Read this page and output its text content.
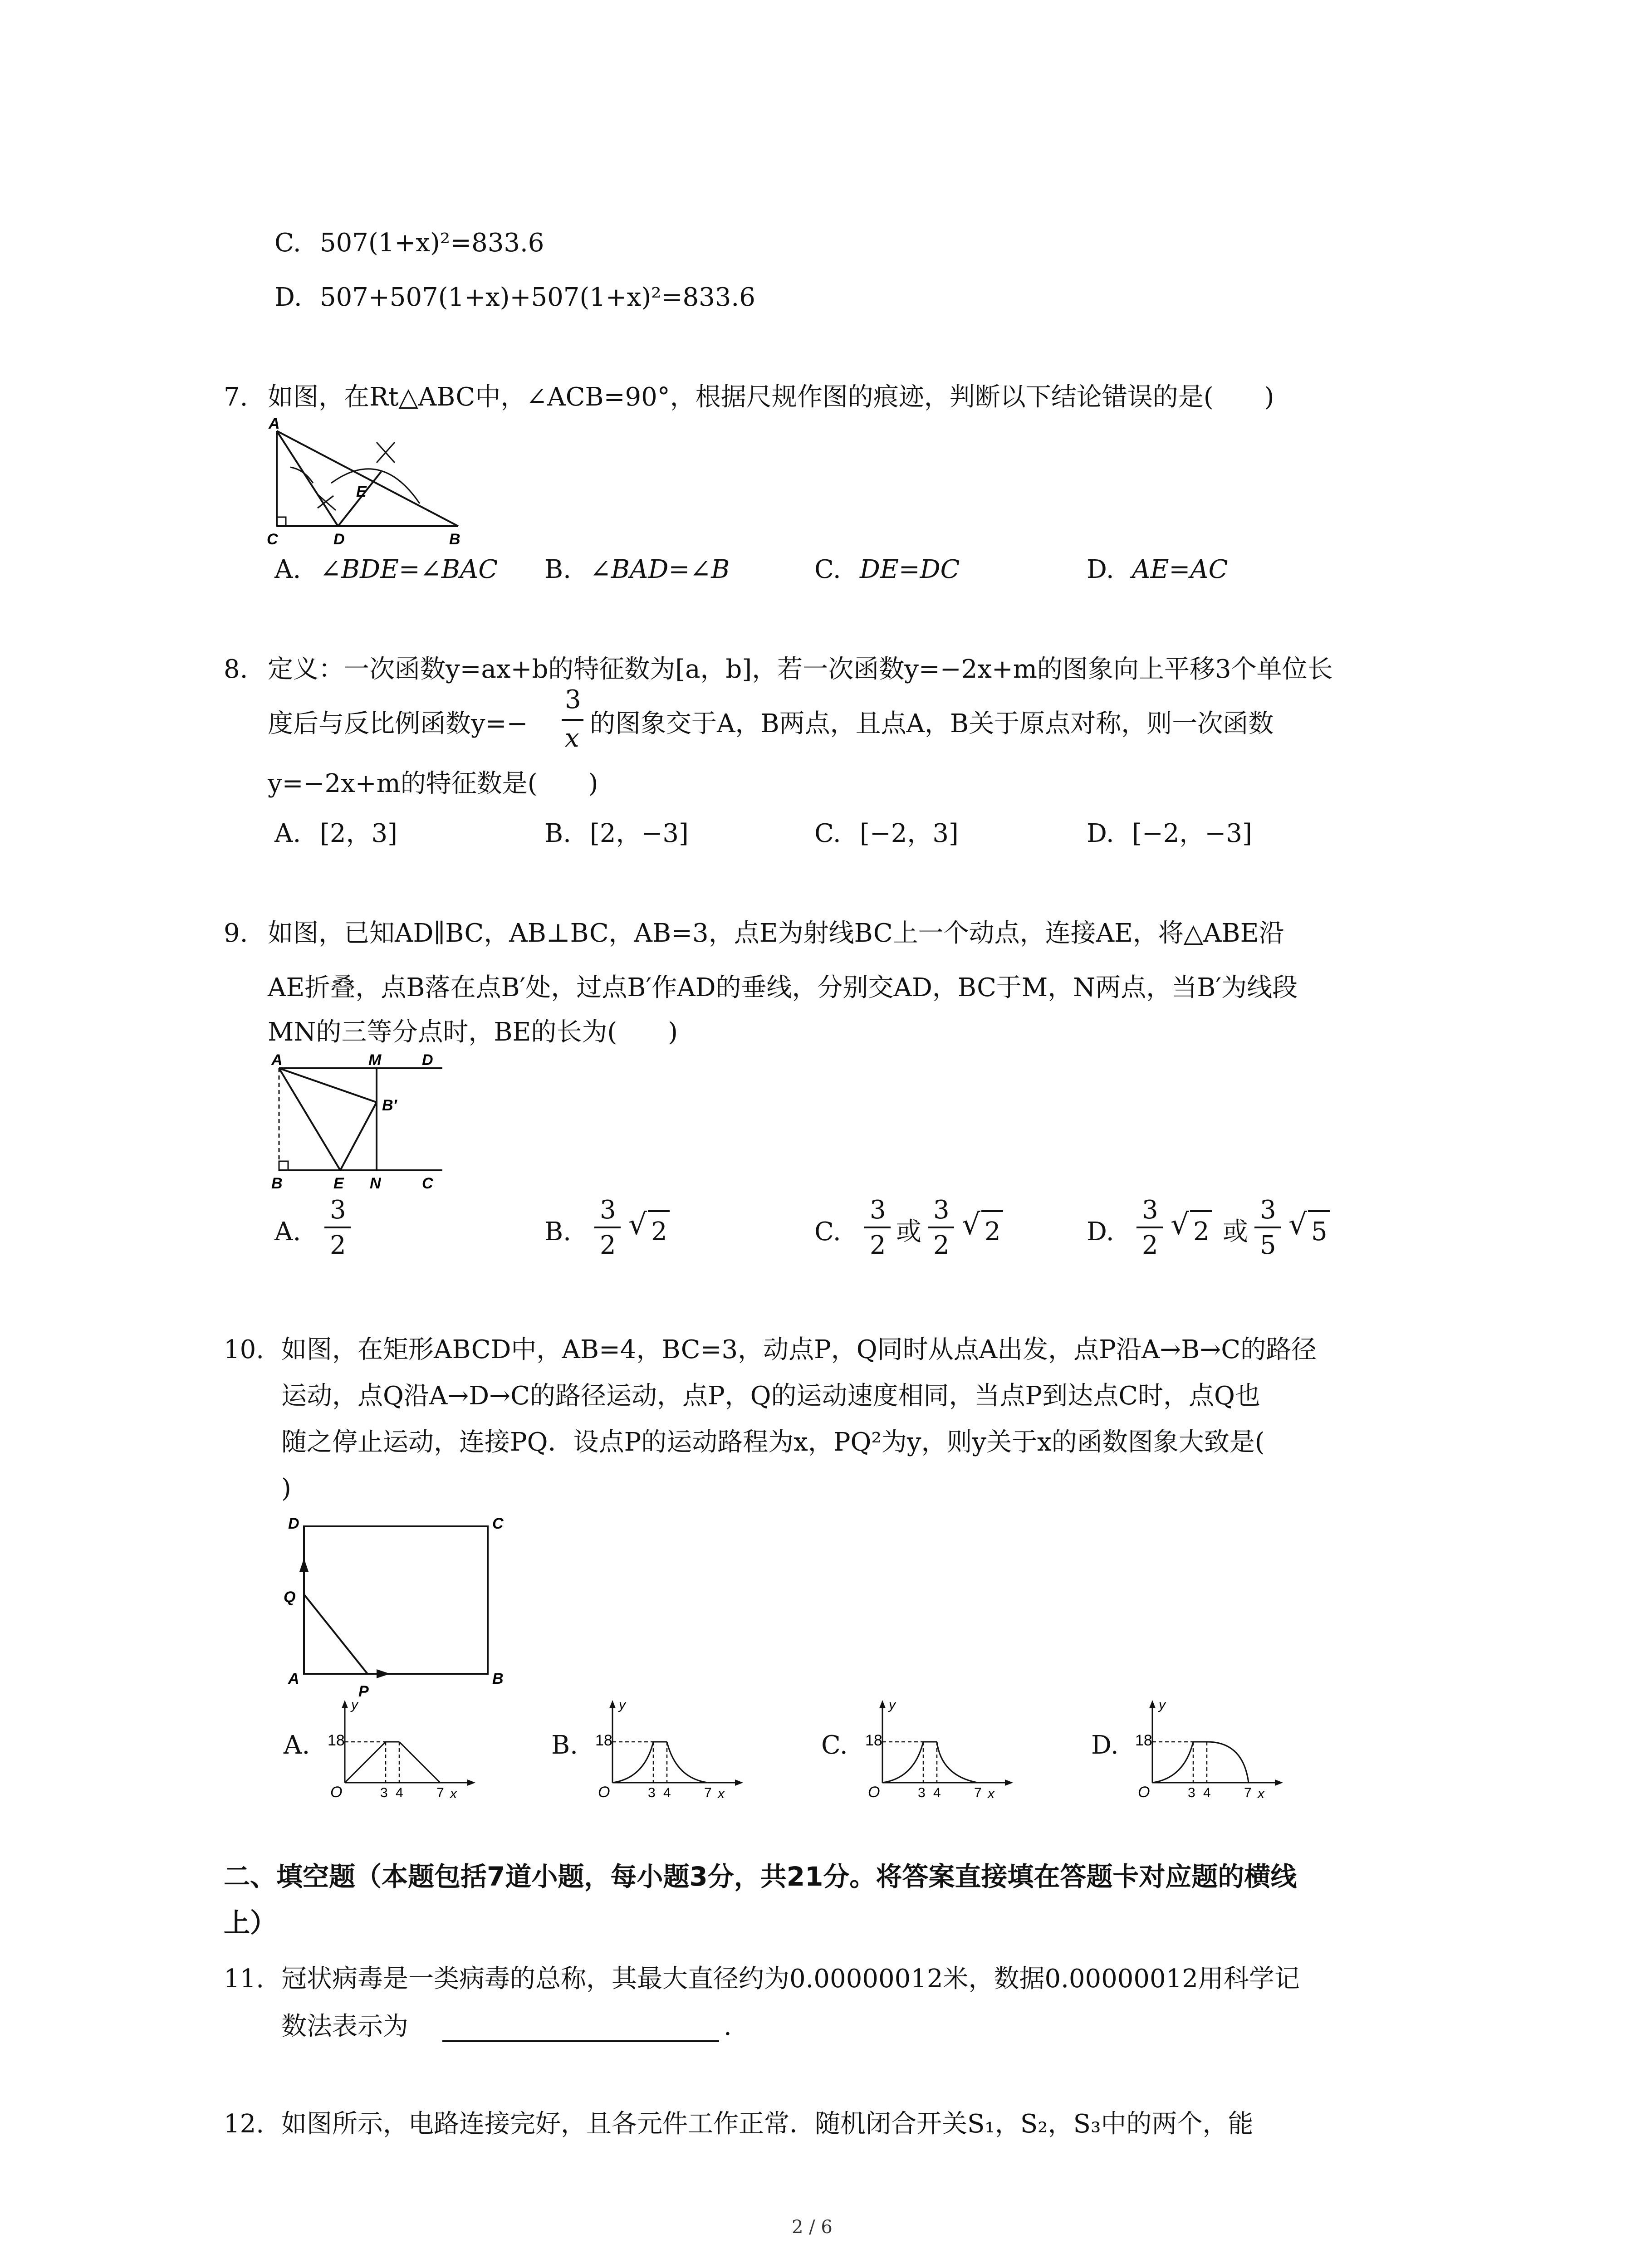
C. 507(1+x)²=833.6
D. 507+507(1+x)+507(1+x)²=833.6
7. 如图，在Rt△ABC中，∠ACB=90°，根据尺规作图的痕迹，判断以下结论错误的是(　　)
A
C	D
E
B
A. ∠BDE=∠BAC B. ∠BAD=∠B	C. DE=DC	D. AE=AC
8. 定义：一次函数y=ax+b的特征数为[a，b]，若一次函数y=−2x+m的图象向上平移3个单位长
度后与反比例函数y=−
3
x 的图象交于A，B两点，且点A，B关于原点对称，则一次函数
y=−2x+m的特征数是(　　)
A. [2，3]	B. [2，−3]	C. [−2，3]	D. [−2，−3]
9. 如图，已知AD∥BC，AB⊥BC，AB=3，点E为射线BC上一个动点，连接AE，将△ABE沿
AE折叠，点B落在点B′处，过点B′作AD的垂线，分别交AD，BC于M，N两点，当B′为线段
MN的三等分点时，BE的长为(　　)
A	M	D
B′
B	E N	C
A.
3
2	B.
3
2
√ 2	C.
3
2 或
3
2
√ 2	D.
3
2
√ 2 或
3
5
√ 5
10. 如图，在矩形ABCD中，AB=4，BC=3，动点P，Q同时从点A出发，点P沿A→B→C的路径
运动，点Q沿A→D→C的路径运动，点P，Q的运动速度相同，当点P到达点C时，点Q也
随之停止运动，连接PQ．设点P的运动路程为x，PQ²为y，则y关于x的函数图象大致是(
)
D	C
Q
A
P
B
A.
y
18
O	3 4 7 x
B.
y
18
O	3 4 7 x
C.
y
18
O	3 4 7 x
D.
y
18
O	3 4 7 x
二、填空题（本题包括7道小题，每小题3分，共21分。将答案直接填在答题卡对应题的横线
上）
11. 冠状病毒是一类病毒的总称，其最大直径约为0.00000012米，数据0.00000012用科学记
数法表示为	.
12. 如图所示，电路连接完好，且各元件工作正常．随机闭合开关S₁，S₂，S₃中的两个，能
2 / 6
